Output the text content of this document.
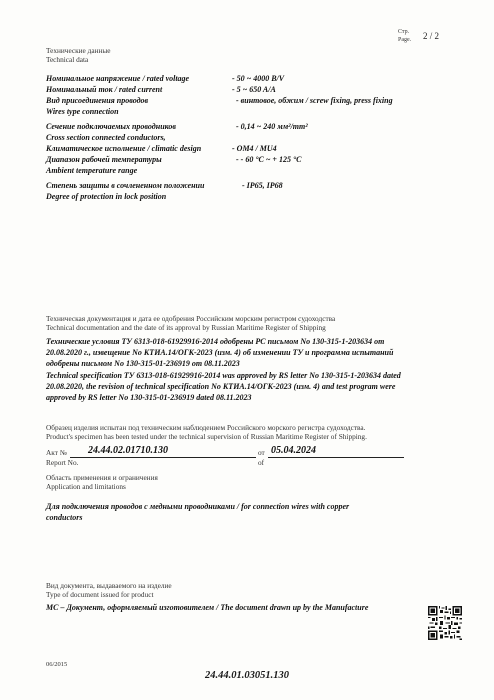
Стр.
Page. 2 / 2
Технические данные
Technical data
Номинальное напряжение / rated voltage	- 50 ~ 4000 B/V
Номинальный ток / rated current	- 5 ~ 650 A/A
Вид присоединения проводов	- винтовое, обжим / screw fixing, press fixing
Wires type connection
Сечение подключаемых проводников	- 0,14 ~ 240 мм²/mm²
Cross section connected conductors,
Климатическое исполнение / climatic design	- OM4 / MU4
Диапазон рабочей температуры	- - 60 °C ~ + 125 °C
Ambient temperature range
Степень защиты в сочлененном положении	- IP65, IP68
Degree of protection in lock position
Техническая документация и дата ее одобрения Российским морским регистром судоходства
Technical documentation and the date of its approval by Russian Maritime Register of Shipping
Технические условия ТУ 6313-018-61929916-2014 одобрены РС письмом No 130-315-1-203634 от
20.08.2020 г., извещение No КТИА.14/ОГК-2023 (изм. 4) об изменении ТУ и программа испытаний
одобрены письмом No 130-315-01-236919 от 08.11.2023
Technical specification ТУ 6313-018-61929916-2014 was approved by RS letter No 130-315-1-203634 dated
20.08.2020, the revision of technical specification No КТИА.14/ОГК-2023 (изм. 4) and test program were
approved by RS letter No 130-315-01-236919 dated 08.11.2023
Образец изделия испытан под техническим наблюдением Российского морского регистра судоходства.
Product's specimen has been tested under the technical supervision of Russian Maritime Register of Shipping.
Акт №
Report No.
24.44.02.01710.130	от
of
05.04.2024
Область применения и ограничения
Application and limitations
Для подключения проводов с медными проводниками / for connection wires with copper
conductors
Вид документа, выдаваемого на изделие
Type of document issued for product
МС – Документ, оформляемый изготовителем / The document drawn up by the Manufacture
06/2015
24.44.01.03051.130
